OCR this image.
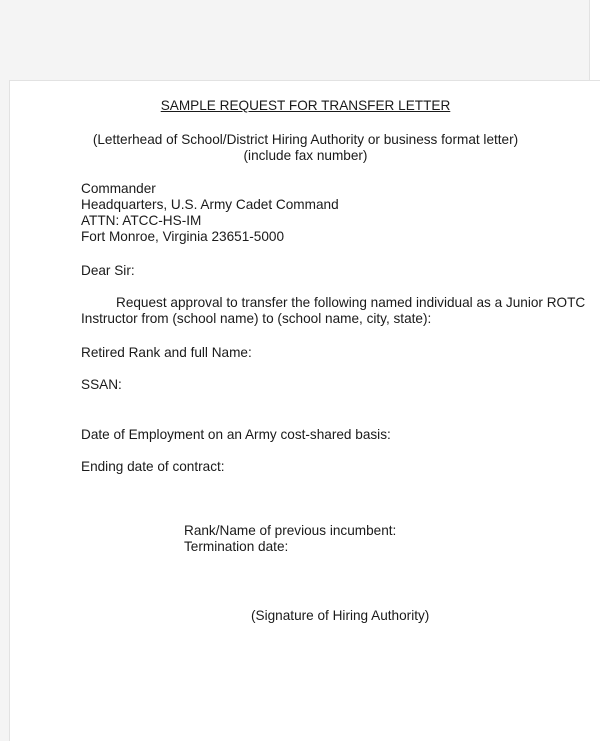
SAMPLE REQUEST FOR TRANSFER LETTER

(Letterhead of School/District Hiring Authority or business format letter)

(include fax number)

Commander

Headquarters, U.S. Army Cadet Command

ATTN: ATCC-HS-IM

Fort Monroe, Virginia 23651-5000

Dear Sir:

Request approval to transfer the following named individual as a Junior ROTC

Instructor from (school name) to (school name, city, state):

Retired Rank and full Name:

SSAN:

Date of Employment on an Army cost-shared basis:

Ending date of contract:

Rank/Name of previous incumbent:

Termination date:

(Signature of Hiring Authority)
